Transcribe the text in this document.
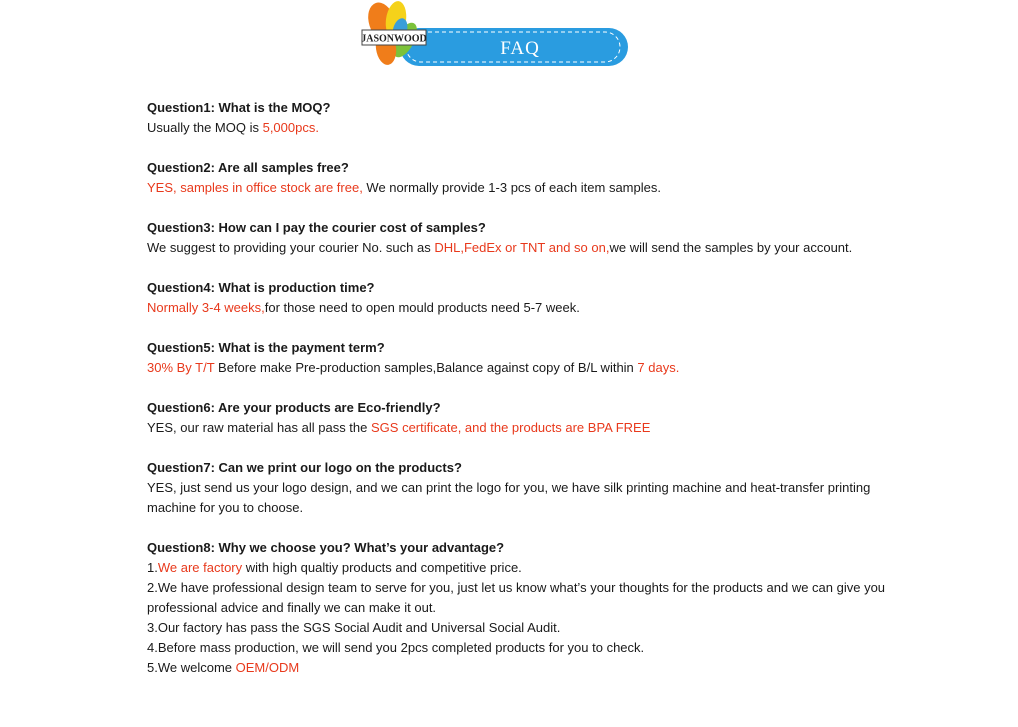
JASONWOOD	FAQ
Question1: What is the MOQ?
Usually the MOQ is 5,000pcs.
Question2: Are all samples free?
YES, samples in office stock are free, We normally provide 1-3 pcs of each item samples.
Question3: How can I pay the courier cost of samples?
We suggest to providing your courier No. such as DHL,FedEx or TNT and so on,we will send the samples by your account.
Question4: What is production time?
Normally 3-4 weeks,for those need to open mould products need 5-7 week.
Question5: What is the payment term?
30% By T/T Before make Pre-production samples,Balance against copy of B/L within 7 days.
Question6: Are your products are Eco-friendly?
YES, our raw material has all pass the SGS certificate, and the products are BPA FREE
Question7: Can we print our logo on the products?
YES, just send us your logo design, and we can print the logo for you, we have silk printing machine and heat-transfer printing machine for you to choose.
Question8: Why we choose you? What’s your advantage?
1.We are factory with high qualtiy products and competitive price.
2.We have professional design team to serve for you, just let us know what’s your thoughts for the products and we can give you professional advice and finally we can make it out.
3.Our factory has pass the SGS Social Audit and Universal Social Audit.
4.Before mass production, we will send you 2pcs completed products for you to check.
5.We welcome OEM/ODM
